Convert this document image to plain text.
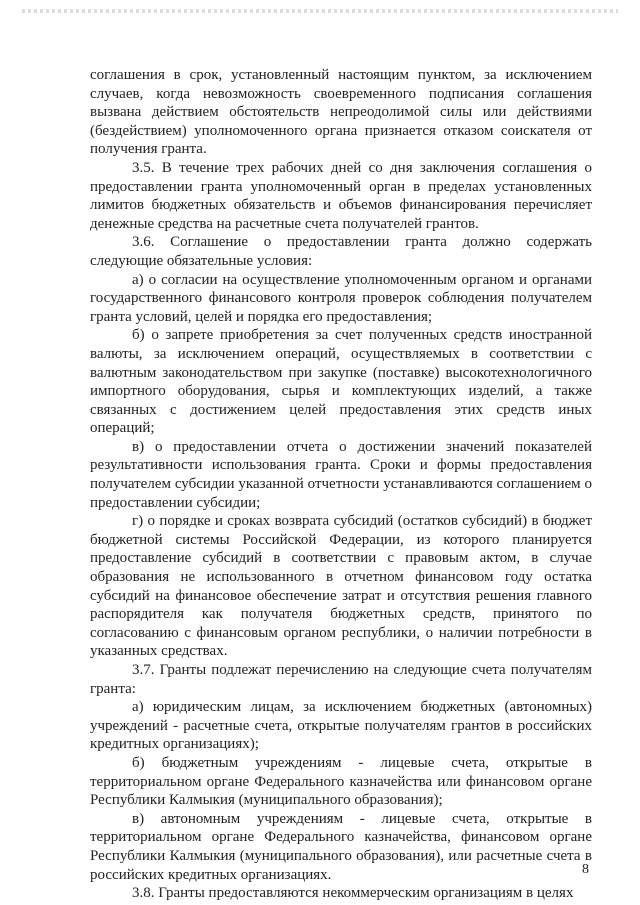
соглашения в срок, установленный настоящим пунктом, за исключением случаев, когда невозможность своевременного подписания соглашения вызвана действием обстоятельств непреодолимой силы или действиями (бездействием) уполномоченного органа признается отказом соискателя от получения гранта.

3.5. В течение трех рабочих дней со дня заключения соглашения о предоставлении гранта уполномоченный орган в пределах установленных лимитов бюджетных обязательств и объемов финансирования перечисляет денежные средства на расчетные счета получателей грантов.

3.6. Соглашение о предоставлении гранта должно содержать следующие обязательные условия:

а) о согласии на осуществление уполномоченным органом и органами государственного финансового контроля проверок соблюдения получателем гранта условий, целей и порядка его предоставления;

б) о запрете приобретения за счет полученных средств иностранной валюты, за исключением операций, осуществляемых в соответствии с валютным законодательством при закупке (поставке) высокотехнологичного импортного оборудования, сырья и комплектующих изделий, а также связанных с достижением целей предоставления этих средств иных операций;

в) о предоставлении отчета о достижении значений показателей результативности использования гранта. Сроки и формы предоставления получателем субсидии указанной отчетности устанавливаются соглашением о предоставлении субсидии;

г) о порядке и сроках возврата субсидий (остатков субсидий) в бюджет бюджетной системы Российской Федерации, из которого планируется предоставление субсидий в соответствии с правовым актом, в случае образования не использованного в отчетном финансовом году остатка субсидий на финансовое обеспечение затрат и отсутствия решения главного распорядителя как получателя бюджетных средств, принятого по согласованию с финансовым органом республики, о наличии потребности в указанных средствах.

3.7. Гранты подлежат перечислению на следующие счета получателям гранта:

а) юридическим лицам, за исключением бюджетных (автономных) учреждений - расчетные счета, открытые получателям грантов в российских кредитных организациях);

б) бюджетным учреждениям - лицевые счета, открытые в территориальном органе Федерального казначейства или финансовом органе Республики Калмыкия (муниципального образования);

в) автономным учреждениям - лицевые счета, открытые в территориальном органе Федерального казначейства, финансовом органе Республики Калмыкия (муниципального образования), или расчетные счета в российских кредитных организациях.

3.8. Гранты предоставляются некоммерческим организациям в целях

8
